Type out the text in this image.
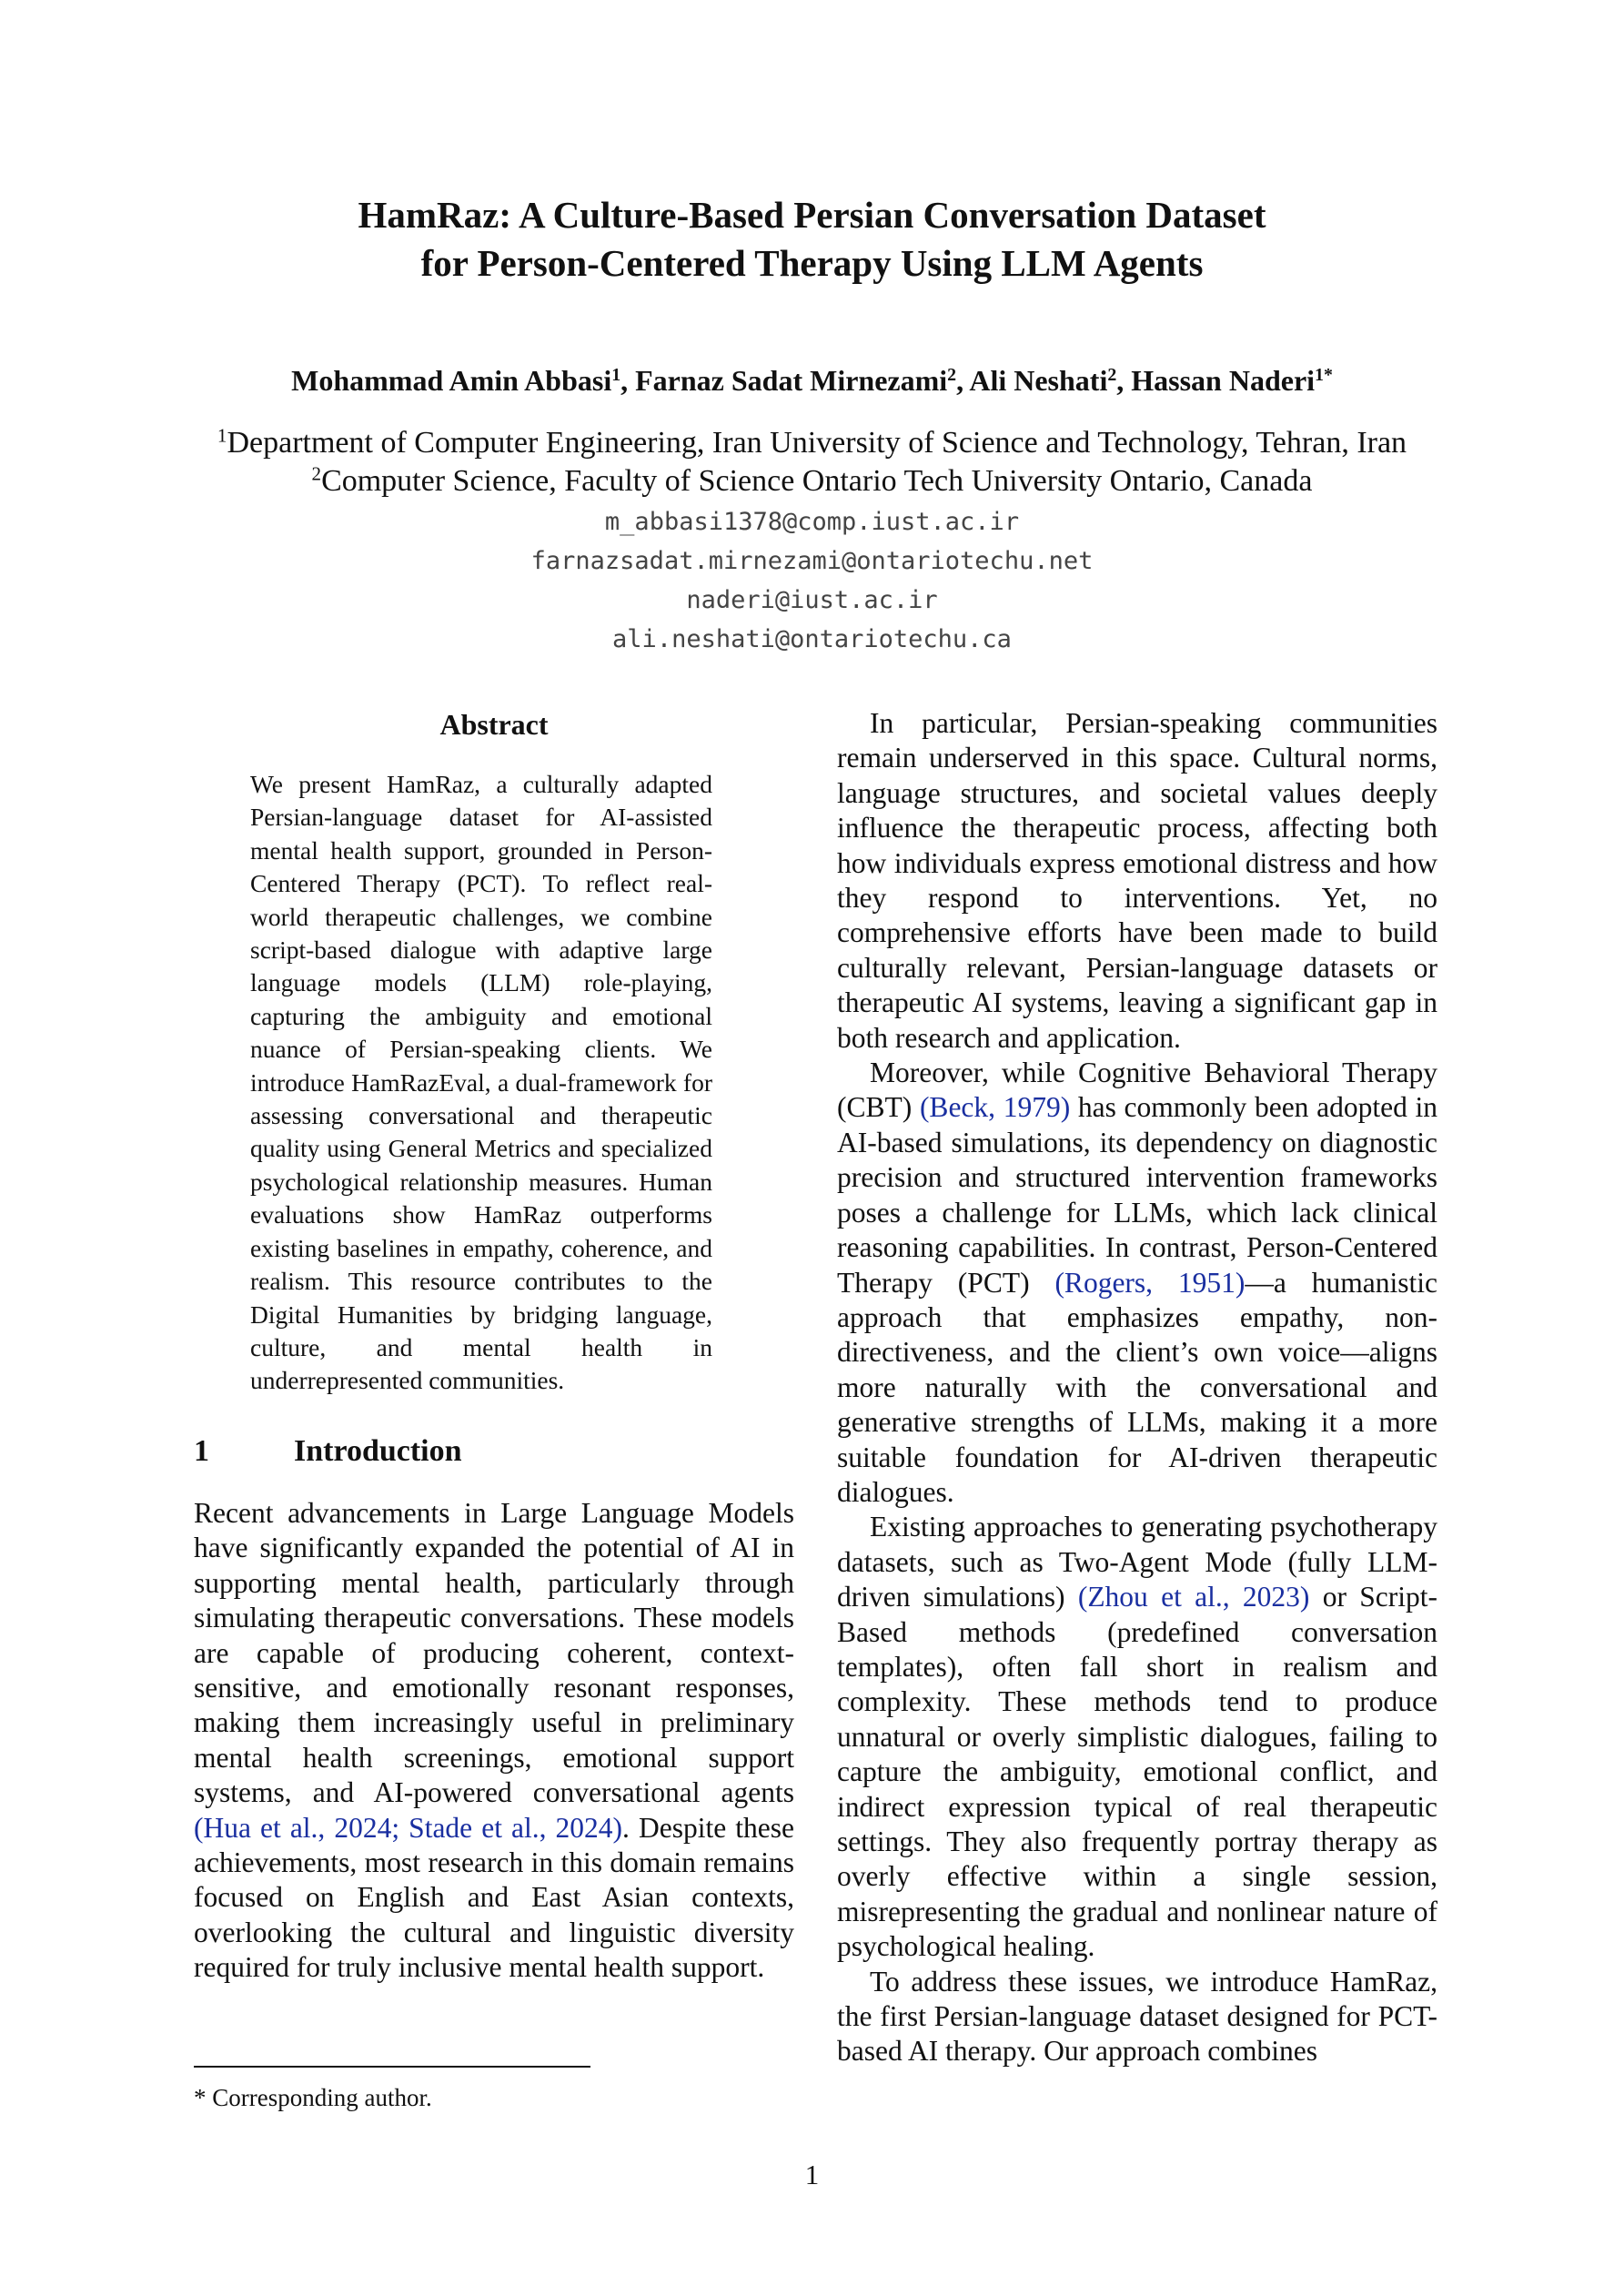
HamRaz: A Culture-Based Persian Conversation Dataset
for Person-Centered Therapy Using LLM Agents
Mohammad Amin Abbasi$^1$, Farnaz Sadat Mirnezami$^2$, Ali Neshati$^2$, Hassan Naderi$^{1*}$
$^1$Department of Computer Engineering, Iran University of Science and Technology, Tehran, Iran
$^2$Computer Science, Faculty of Science Ontario Tech University Ontario, Canada
m_abbasi1378@comp.iust.ac.ir
farnazsadat.mirnezami@ontariotechu.net
naderi@iust.ac.ir
ali.neshati@ontariotechu.ca
Abstract
We present HamRaz, a culturally adapted Persian-language dataset for AI-assisted mental health support, grounded in Person-Centered Therapy (PCT). To reflect real-world therapeutic challenges, we combine script-based dialogue with adaptive large language models (LLM) role-playing, capturing the ambiguity and emotional nuance of Persian-speaking clients. We introduce HamRazEval, a dual-framework for assessing conversational and therapeutic quality using General Metrics and specialized psychological relationship measures. Human evaluations show HamRaz outperforms existing baselines in empathy, coherence, and realism. This resource contributes to the Digital Humanities by bridging language, culture, and mental health in underrepresented communities.
1	Introduction

Recent advancements in Large Language Models have significantly expanded the potential of AI in supporting mental health, particularly through simulating therapeutic conversations. These models are capable of producing coherent, context-sensitive, and emotionally resonant responses, making them increasingly useful in preliminary mental health screenings, emotional support systems, and AI-powered conversational agents (Hua et al., 2024; Stade et al., 2024). Despite these achievements, most research in this domain remains focused on English and East Asian contexts, overlooking the cultural and linguistic diversity required for truly inclusive mental health support.

In particular, Persian-speaking communities remain underserved in this space. Cultural norms, language structures, and societal values deeply influence the therapeutic process, affecting both how individuals express emotional distress and how they respond to interventions. Yet, no comprehensive efforts have been made to build culturally relevant, Persian-language datasets or therapeutic AI systems, leaving a significant gap in both research and application.

Moreover, while Cognitive Behavioral Therapy (CBT) (Beck, 1979) has commonly been adopted in AI-based simulations, its dependency on diagnostic precision and structured intervention frameworks poses a challenge for LLMs, which lack clinical reasoning capabilities. In contrast, Person-Centered Therapy (PCT) (Rogers, 1951)—a humanistic approach that emphasizes empathy, non-directiveness, and the client’s own voice—aligns more naturally with the conversational and generative strengths of LLMs, making it a more suitable foundation for AI-driven therapeutic dialogues.

Existing approaches to generating psychotherapy datasets, such as Two-Agent Mode (fully LLM-driven simulations) (Zhou et al., 2023) or Script-Based methods (predefined conversation templates), often fall short in realism and complexity. These methods tend to produce unnatural or overly simplistic dialogues, failing to capture the ambiguity, emotional conflict, and indirect expression typical of real therapeutic settings. They also frequently portray therapy as overly effective within a single session, misrepresenting the gradual and nonlinear nature of psychological healing.

To address these issues, we introduce HamRaz, the first Persian-language dataset designed for PCT-based AI therapy. Our approach combines

* Corresponding author.
1
